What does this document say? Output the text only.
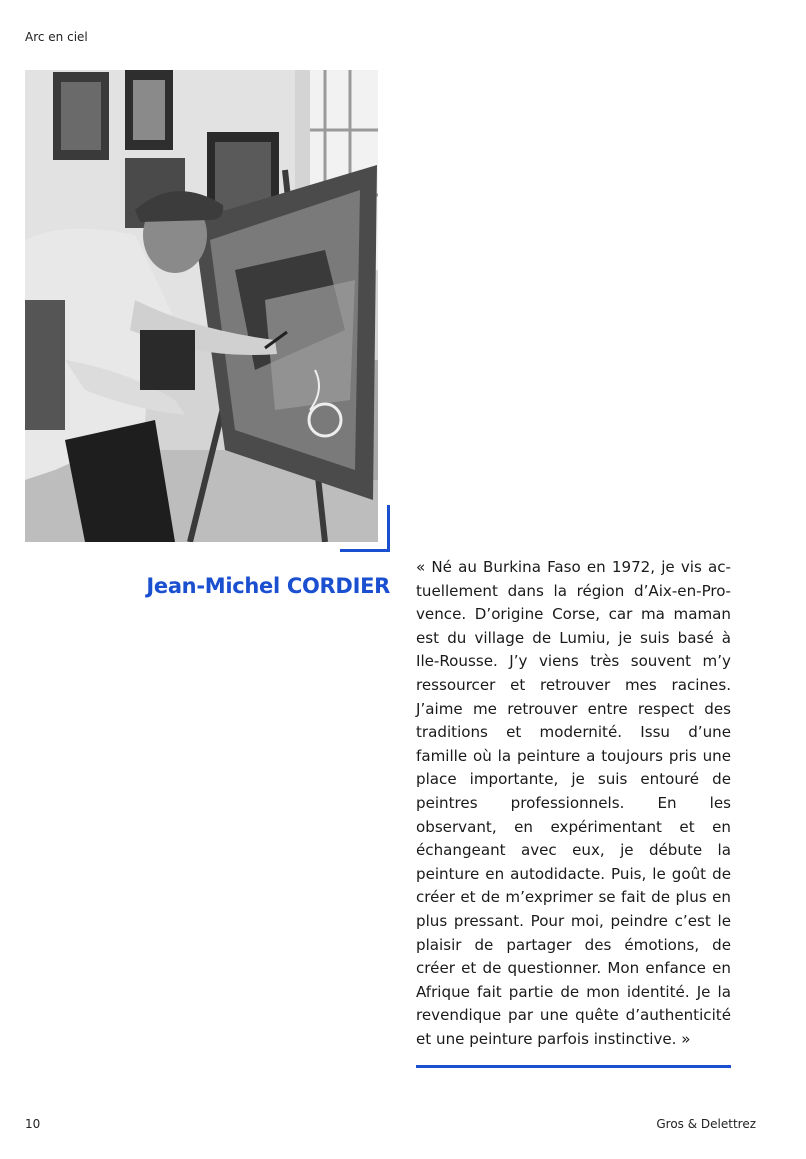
Arc en ciel
Jean-Michel CORDIER
« Né au Burkina Faso en 1972, je vis actuellement dans la région d’Aix-en-Provence. D’origine Corse, car ma maman est du village de Lumiu, je suis basé à Ile-Rousse. J’y viens très souvent m’y ressourcer et retrouver mes racines. J’aime me retrouver entre respect des traditions et modernité. Issu d’une famille où la peinture a toujours pris une place importante, je suis entouré de peintres professionnels. En les observant, en expérimentant et en échangeant avec eux, je débute la peinture en autodidacte. Puis, le goût de créer et de m’exprimer se fait de plus en plus pressant. Pour moi, peindre c’est le plaisir de partager des émotions, de créer et de questionner. Mon enfance en Afrique fait partie de mon identité. Je la revendique par une quête d’authenticité et une peinture parfois instinctive. »
10	Gros & Delettrez
